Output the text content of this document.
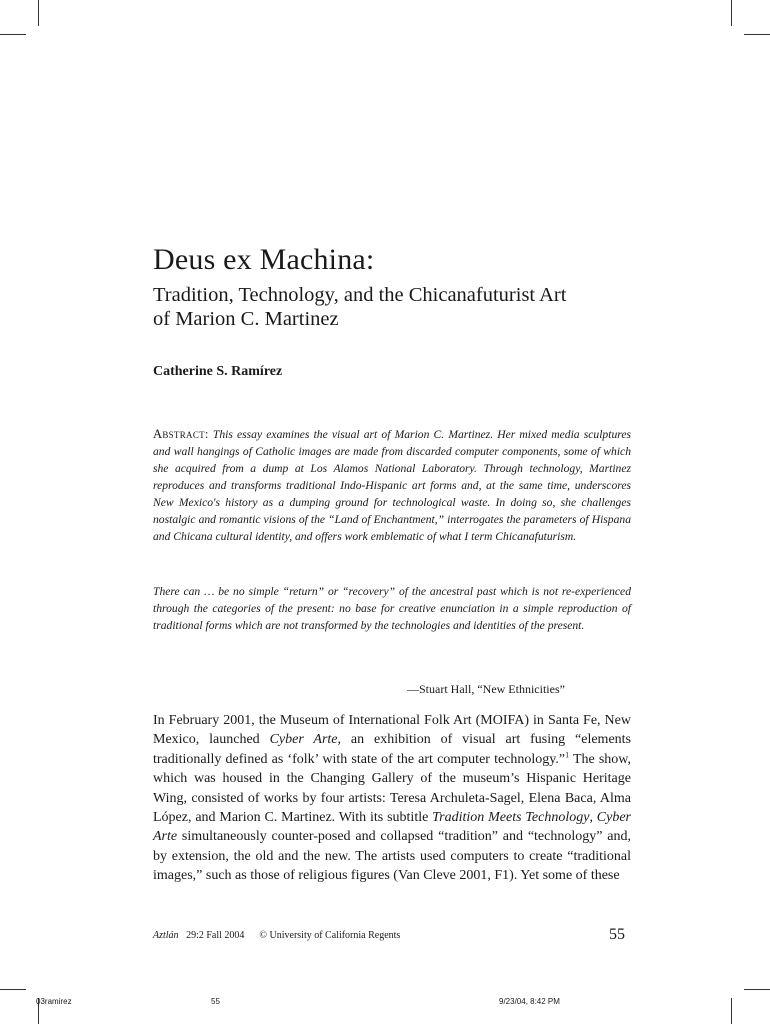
Deus ex Machina:
Tradition, Technology, and the Chicanafuturist Art
of Marion C. Martinez

Catherine S. Ramírez

Abstract: This essay examines the visual art of Marion C. Martinez. Her mixed media sculptures and wall hangings of Catholic images are made from discarded computer components, some of which she acquired from a dump at Los Alamos National Laboratory. Through technology, Martinez reproduces and transforms traditional Indo-Hispanic art forms and, at the same time, underscores New Mexico's history as a dumping ground for technological waste. In doing so, she challenges nostalgic and romantic visions of the “Land of Enchantment,” interrogates the parameters of Hispana and Chicana cultural identity, and offers work emblematic of what I term Chicanafuturism.

There can … be no simple “return” or “recovery” of the ancestral past which is not re-experienced through the categories of the present: no base for creative enunciation in a simple reproduction of traditional forms which are not transformed by the technologies and identities of the present.

—Stuart Hall, “New Ethnicities”

In February 2001, the Museum of International Folk Art (MOIFA) in Santa Fe, New Mexico, launched Cyber Arte, an exhibition of visual art fusing “elements traditionally defined as ‘folk’ with state of the art computer technology.”$^1$ The show, which was housed in the Changing Gallery of the museum’s Hispanic Heritage Wing, consisted of works by four artists: Teresa Archuleta-Sagel, Elena Baca, Alma López, and Marion C. Martinez. With its subtitle Tradition Meets Technology, Cyber Arte simultaneously counter-posed and collapsed “tradition” and “technology” and, by extension, the old and the new. The artists used computers to create “traditional images,” such as those of religious figures (Van Cleve 2001, F1). Yet some of these

Aztlán 29:2 Fall 2004 © University of California Regents	55
03ramirez	55	9/23/04, 8:42 PM
